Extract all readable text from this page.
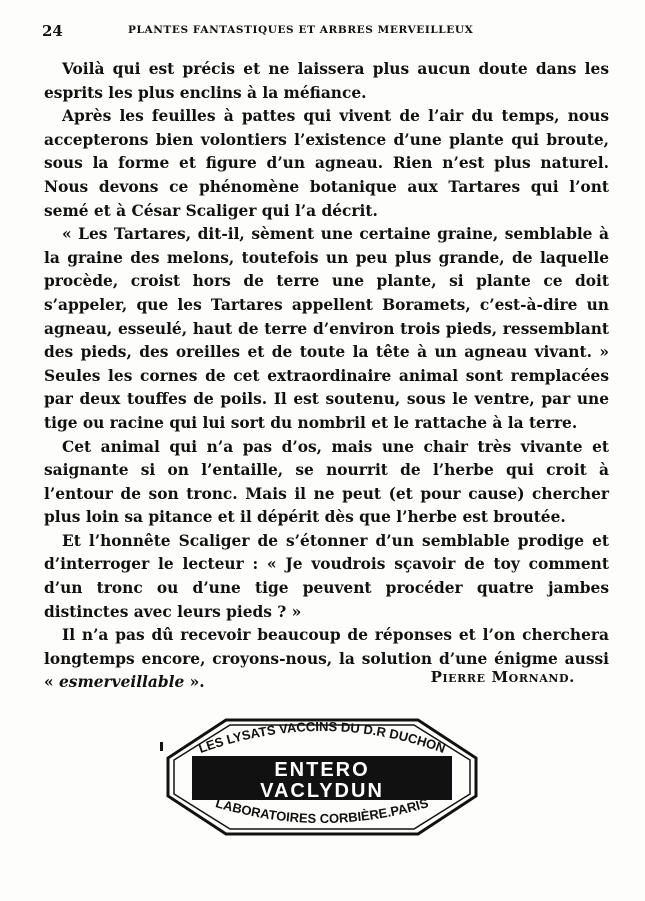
24	PLANTES FANTASTIQUES ET ARBRES MERVEILLEUX

Voilà qui est précis et ne laissera plus aucun doute dans les esprits les plus enclins à la méfiance.

Après les feuilles à pattes qui vivent de l’air du temps, nous accepterons bien volontiers l’existence d’une plante qui broute, sous la forme et figure d’un agneau. Rien n’est plus naturel. Nous devons ce phénomène botanique aux Tartares qui l’ont semé et à César Scaliger qui l’a décrit.

« Les Tartares, dit-il, sèment une certaine graine, semblable à la graine des melons, toutefois un peu plus grande, de laquelle procède, croist hors de terre une plante, si plante ce doit s’appeler, que les Tartares appellent Boramets, c’est-à-dire un agneau, esseulé, haut de terre d’environ trois pieds, ressemblant des pieds, des oreilles et de toute la tête à un agneau vivant. » Seules les cornes de cet extraordinaire animal sont remplacées par deux touffes de poils. Il est soutenu, sous le ventre, par une tige ou racine qui lui sort du nombril et le rattache à la terre.

Cet animal qui n’a pas d’os, mais une chair très vivante et saignante si on l’entaille, se nourrit de l’herbe qui croit à l’entour de son tronc. Mais il ne peut (et pour cause) chercher plus loin sa pitance et il dépérit dès que l’herbe est broutée.

Et l’honnête Scaliger de s’étonner d’un semblable prodige et d’interroger le lecteur : « Je voudrois sçavoir de toy comment d’un tronc ou d’une tige peuvent procéder quatre jambes distinctes avec leurs pieds ? »

Il n’a pas dû recevoir beaucoup de réponses et l’on cherchera longtemps encore, croyons-nous, la solution d’une énigme aussi « esmerveillable ».	Pierre Mornand.
LES LYSATS VACCINS DU D.R DUCHON
ENTERO
VACLYDUN
LABORATOIRES CORBIÈRE.PARIS
